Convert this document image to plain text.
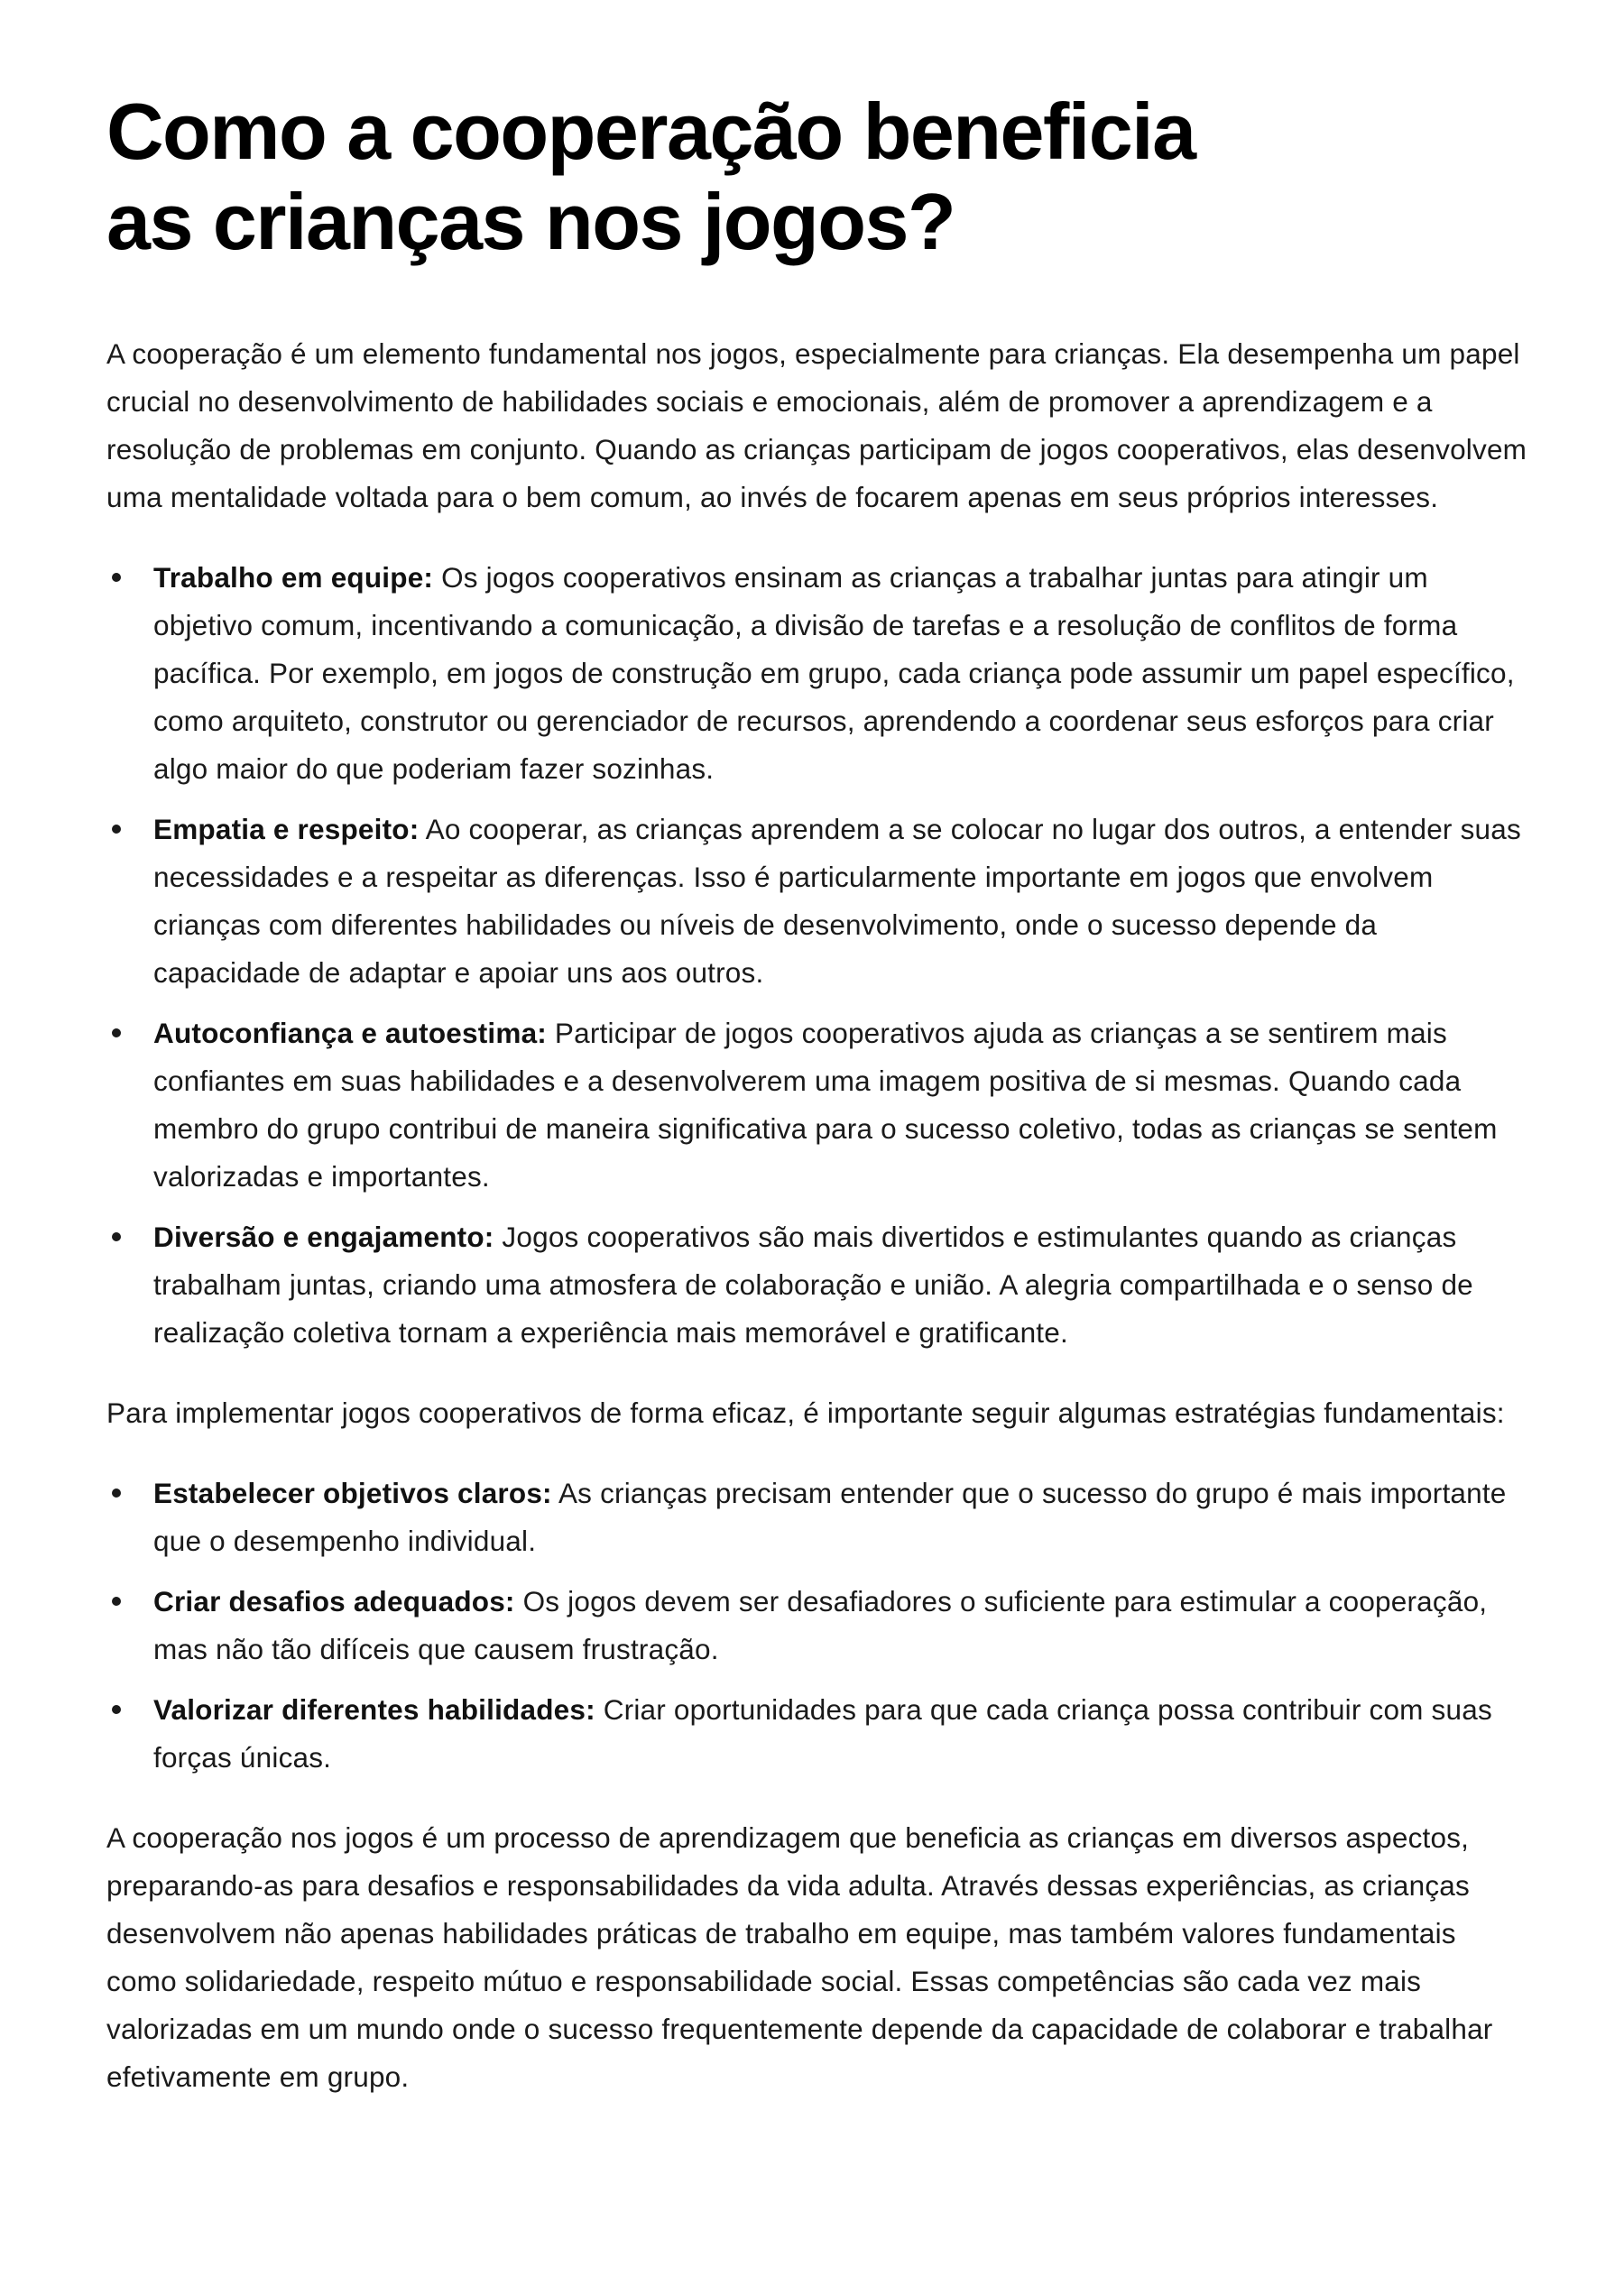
Como a cooperação beneficia as crianças nos jogos?

A cooperação é um elemento fundamental nos jogos, especialmente para crianças. Ela desempenha um papel crucial no desenvolvimento de habilidades sociais e emocionais, além de promover a aprendizagem e a resolução de problemas em conjunto. Quando as crianças participam de jogos cooperativos, elas desenvolvem uma mentalidade voltada para o bem comum, ao invés de focarem apenas em seus próprios interesses.

Trabalho em equipe: Os jogos cooperativos ensinam as crianças a trabalhar juntas para atingir um objetivo comum, incentivando a comunicação, a divisão de tarefas e a resolução de conflitos de forma pacífica. Por exemplo, em jogos de construção em grupo, cada criança pode assumir um papel específico, como arquiteto, construtor ou gerenciador de recursos, aprendendo a coordenar seus esforços para criar algo maior do que poderiam fazer sozinhas.
Empatia e respeito: Ao cooperar, as crianças aprendem a se colocar no lugar dos outros, a entender suas necessidades e a respeitar as diferenças. Isso é particularmente importante em jogos que envolvem crianças com diferentes habilidades ou níveis de desenvolvimento, onde o sucesso depende da capacidade de adaptar e apoiar uns aos outros.
Autoconfiança e autoestima: Participar de jogos cooperativos ajuda as crianças a se sentirem mais confiantes em suas habilidades e a desenvolverem uma imagem positiva de si mesmas. Quando cada membro do grupo contribui de maneira significativa para o sucesso coletivo, todas as crianças se sentem valorizadas e importantes.
Diversão e engajamento: Jogos cooperativos são mais divertidos e estimulantes quando as crianças trabalham juntas, criando uma atmosfera de colaboração e união. A alegria compartilhada e o senso de realização coletiva tornam a experiência mais memorável e gratificante.

Para implementar jogos cooperativos de forma eficaz, é importante seguir algumas estratégias fundamentais:

Estabelecer objetivos claros: As crianças precisam entender que o sucesso do grupo é mais importante que o desempenho individual.
Criar desafios adequados: Os jogos devem ser desafiadores o suficiente para estimular a cooperação, mas não tão difíceis que causem frustração.
Valorizar diferentes habilidades: Criar oportunidades para que cada criança possa contribuir com suas forças únicas.

A cooperação nos jogos é um processo de aprendizagem que beneficia as crianças em diversos aspectos, preparando-as para desafios e responsabilidades da vida adulta. Através dessas experiências, as crianças desenvolvem não apenas habilidades práticas de trabalho em equipe, mas também valores fundamentais como solidariedade, respeito mútuo e responsabilidade social. Essas competências são cada vez mais valorizadas em um mundo onde o sucesso frequentemente depende da capacidade de colaborar e trabalhar efetivamente em grupo.
